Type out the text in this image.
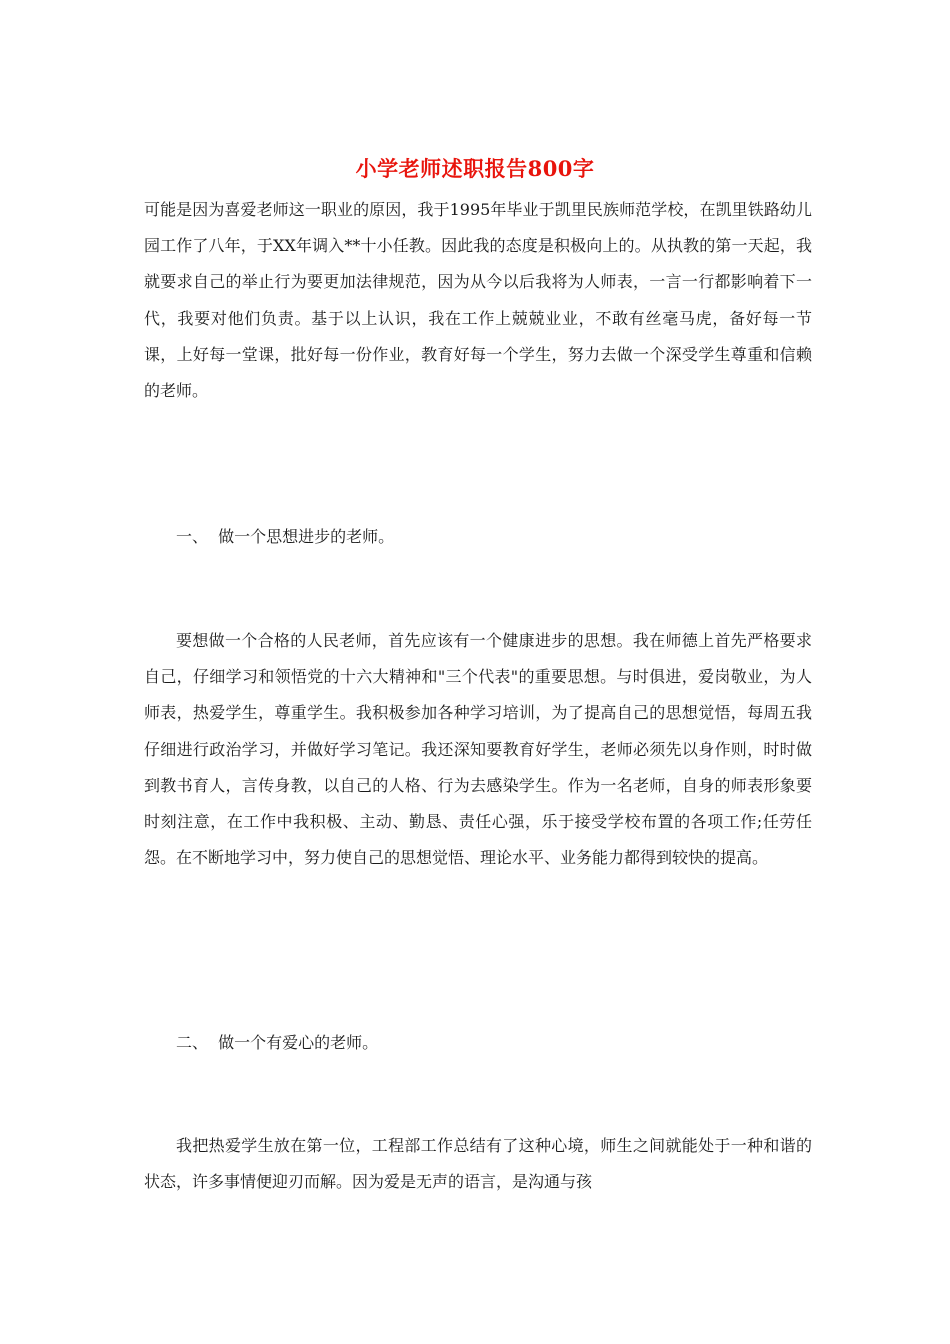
小学老师述职报告800字

可能是因为喜爱老师这一职业的原因，我于1995年毕业于凯里民族师范学校，在凯里铁路幼儿园工作了八年，于XX年调入**十小任教。因此我的态度是积极向上的。从执教的第一天起，我就要求自己的举止行为要更加法律规范，因为从今以后我将为人师表，一言一行都影响着下一代，我要对他们负责。基于以上认识，我在工作上兢兢业业，不敢有丝毫马虎，备好每一节课，上好每一堂课，批好每一份作业，教育好每一个学生，努力去做一个深受学生尊重和信赖的老师。

一、  做一个思想进步的老师。

要想做一个合格的人民老师，首先应该有一个健康进步的思想。我在师德上首先严格要求自己，仔细学习和领悟党的十六大精神和"三个代表"的重要思想。与时俱进，爱岗敬业，为人师表，热爱学生，尊重学生。我积极参加各种学习培训，为了提高自己的思想觉悟，每周五我仔细进行政治学习，并做好学习笔记。我还深知要教育好学生，老师必须先以身作则，时时做到教书育人，言传身教，以自己的人格、行为去感染学生。作为一名老师，自身的师表形象要时刻注意，在工作中我积极、主动、勤恳、责任心强，乐于接受学校布置的各项工作;任劳任怨。在不断地学习中，努力使自己的思想觉悟、理论水平、业务能力都得到较快的提高。

二、  做一个有爱心的老师。

我把热爱学生放在第一位，工程部工作总结有了这种心境，师生之间就能处于一种和谐的状态，许多事情便迎刃而解。因为爱是无声的语言，是沟通与孩
